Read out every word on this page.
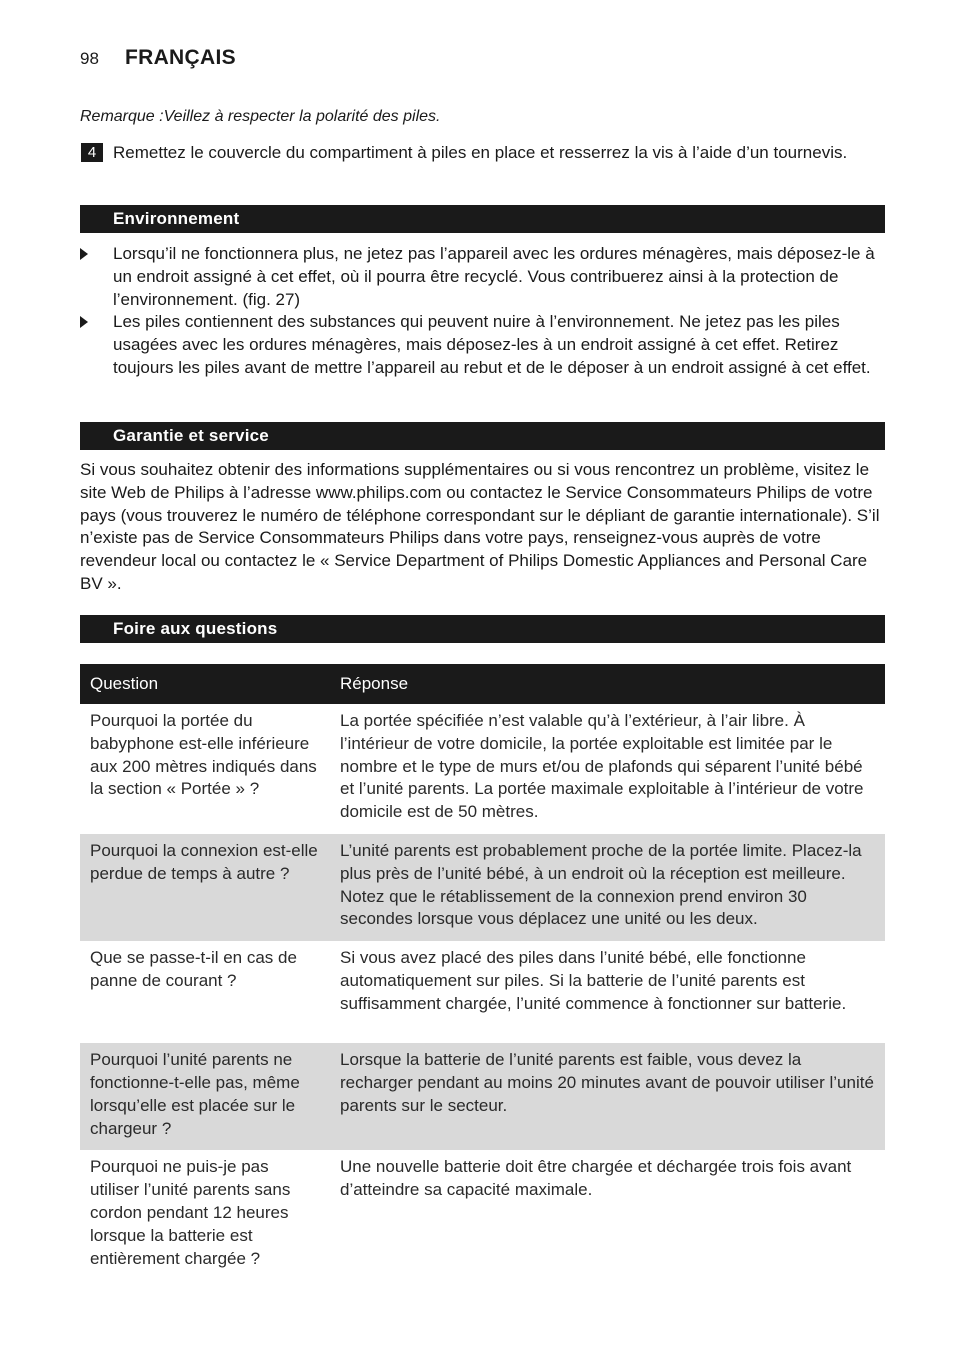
98 FRANÇAIS
Remarque :Veillez à respecter la polarité des piles.
4 Remettez le couvercle du compartiment à piles en place et resserrez la vis à l’aide d’un tournevis.
Environnement
Lorsqu’il ne fonctionnera plus, ne jetez pas l’appareil avec les ordures ménagères, mais déposez-le à un endroit assigné à cet effet, où il pourra être recyclé. Vous contribuerez ainsi à la protection de l’environnement. (fig. 27)
Les piles contiennent des substances qui peuvent nuire à l’environnement. Ne jetez pas les piles usagées avec les ordures ménagères, mais déposez-les à un endroit assigné à cet effet. Retirez toujours les piles avant de mettre l’appareil au rebut et de le déposer à un endroit assigné à cet effet.
Garantie et service
Si vous souhaitez obtenir des informations supplémentaires ou si vous rencontrez un problème, visitez le site Web de Philips à l’adresse www.philips.com ou contactez le Service Consommateurs Philips de votre pays (vous trouverez le numéro de téléphone correspondant sur le dépliant de garantie internationale). S’il n’existe pas de Service Consommateurs Philips dans votre pays, renseignez-vous auprès de votre revendeur local ou contactez le « Service Department of Philips Domestic Appliances and Personal Care BV ».
Foire aux questions
Question	Réponse
Pourquoi la portée du babyphone est-elle inférieure aux 200 mètres indiqués dans la section « Portée » ?	La portée spécifiée n’est valable qu’à l’extérieur, à l’air libre. À l’intérieur de votre domicile, la portée exploitable est limitée par le nombre et le type de murs et/ou de plafonds qui séparent l’unité bébé et l’unité parents. La portée maximale exploitable à l’intérieur de votre domicile est de 50 mètres.
Pourquoi la connexion est-elle perdue de temps à autre ?	L’unité parents est probablement proche de la portée limite. Placez-la plus près de l’unité bébé, à un endroit où la réception est meilleure. Notez que le rétablissement de la connexion prend environ 30 secondes lorsque vous déplacez une unité ou les deux.
Que se passe-t-il en cas de panne de courant ?	Si vous avez placé des piles dans l’unité bébé, elle fonctionne automatiquement sur piles. Si la batterie de l’unité parents est suffisamment chargée, l’unité commence à fonctionner sur batterie.
Pourquoi l’unité parents ne fonctionne-t-elle pas, même lorsqu’elle est placée sur le chargeur ?	Lorsque la batterie de l’unité parents est faible, vous devez la recharger pendant au moins 20 minutes avant de pouvoir utiliser l’unité parents sur le secteur.
Pourquoi ne puis-je pas utiliser l’unité parents sans cordon pendant 12 heures lorsque la batterie est entièrement chargée ?	Une nouvelle batterie doit être chargée et déchargée trois fois avant d’atteindre sa capacité maximale.
